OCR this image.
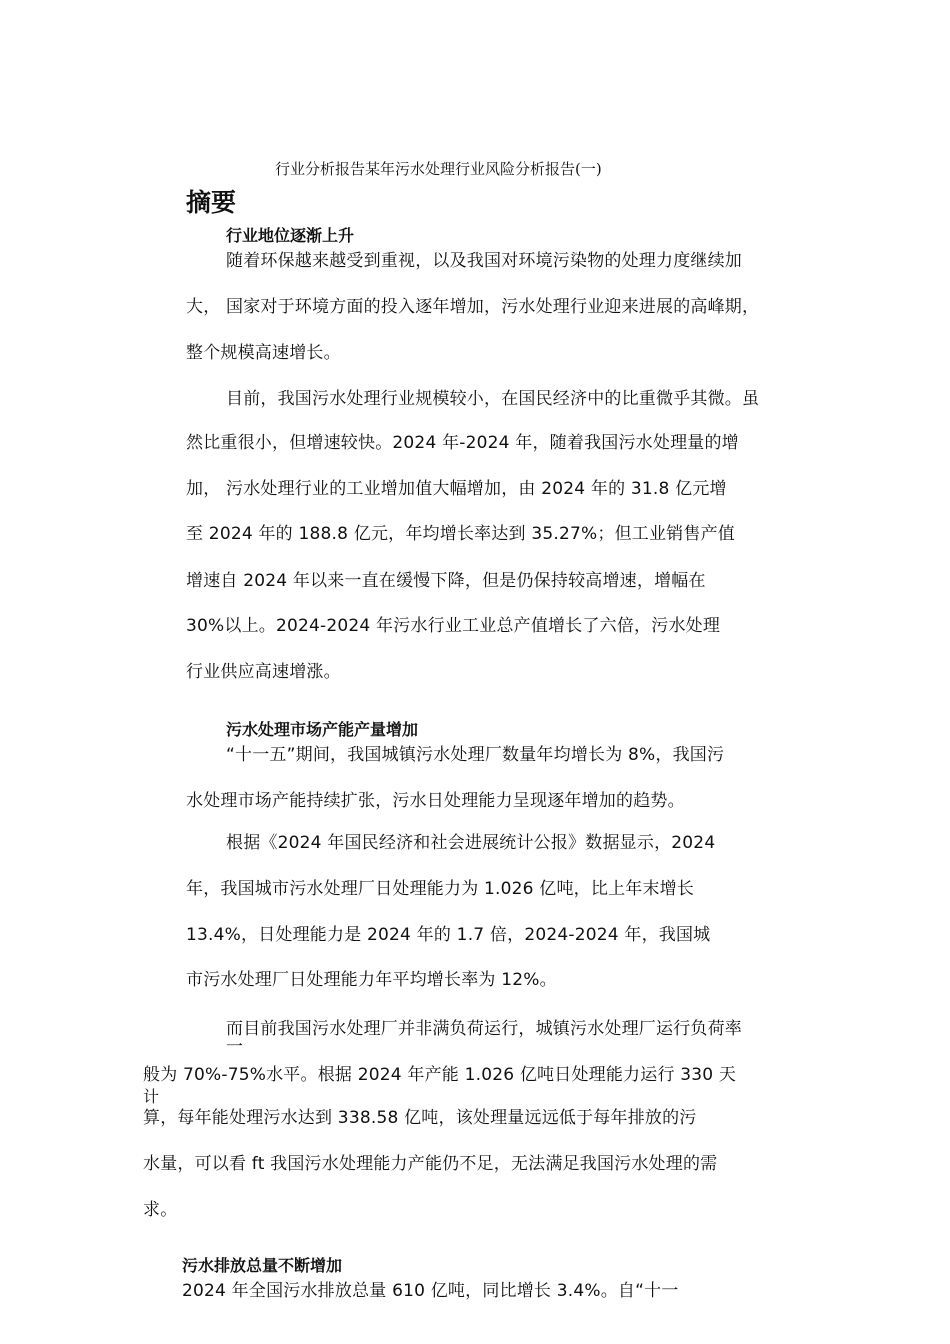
行业分析报告某年污水处理行业风险分析报告(一)
摘要
行业地位逐渐上升
随着环保越来越受到重视，以及我国对环境污染物的处理力度继续加
大， 国家对于环境方面的投入逐年增加，污水处理行业迎来进展的高峰期，
整个规模高速增长。
目前，我国污水处理行业规模较小，在国民经济中的比重微乎其微。虽
然比重很小，但增速较快。2024 年-2024 年，随着我国污水处理量的增
加， 污水处理行业的工业增加值大幅增加，由 2024 年的 31.8 亿元增
至 2024 年的 188.8 亿元，年均增长率达到 35.27%；但工业销售产值
增速自 2024 年以来一直在缓慢下降，但是仍保持较高增速，增幅在
30%以上。2024-2024 年污水行业工业总产值增长了六倍，污水处理
行业供应高速增涨。
污水处理市场产能产量增加
“十一五”期间，我国城镇污水处理厂数量年均增长为 8%，我国污
水处理市场产能持续扩张，污水日处理能力呈现逐年增加的趋势。
根据《2024 年国民经济和社会进展统计公报》数据显示，2024
年，我国城市污水处理厂日处理能力为 1.026 亿吨，比上年末增长
13.4%，日处理能力是 2024 年的 1.7 倍，2024-2024 年，我国城
市污水处理厂日处理能力年平均增长率为 12%。
而目前我国污水处理厂并非满负荷运行，城镇污水处理厂运行负荷率
一
般为 70%-75%水平。根据 2024 年产能 1.026 亿吨日处理能力运行 330 天
计
算，每年能处理污水达到 338.58 亿吨，该处理量远远低于每年排放的污
水量，可以看 ft 我国污水处理能力产能仍不足，无法满足我国污水处理的需
求。
污水排放总量不断增加
2024 年全国污水排放总量 610 亿吨，同比增长 3.4%。自“十一
